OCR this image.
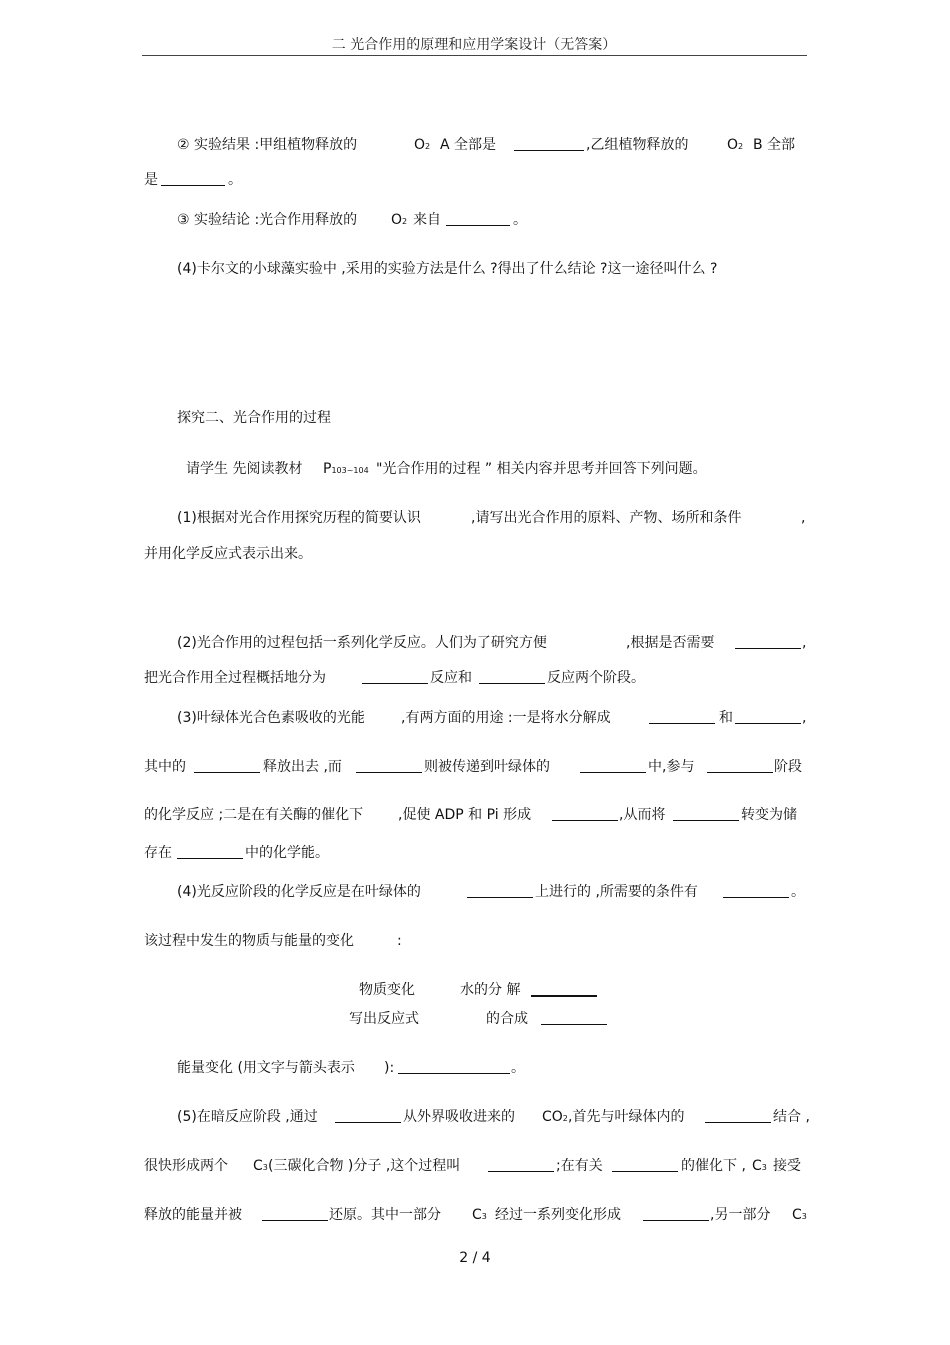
二 光合作用的原理和应用学案设计（无答案）
② 实验结果 :甲组植物释放的	O2 A 全部是	,乙组植物释放的	O2 B 全部
是	。
③ 实验结论 :光合作用释放的 O2 来自	。
(4)卡尔文的小球藻实验中 ,采用的实验方法是什么 ?得出了什么结论 ?这一途径叫什么 ?
探究二、光合作用的过程
请学生 先阅读教材 P103~104 "光合作用的过程 ” 相关内容并思考并回答下列问题。
(1)根据对光合作用探究历程的简要认识	,请写出光合作用的原料、产物、场所和条件	,
并用化学反应式表示出来。
(2)光合作用的过程包括一系列化学反应。人们为了研究方便	,根据是否需要	,
把光合作用全过程概括地分为	反应和	反应两个阶段。
(3)叶绿体光合色素吸收的光能	,有两方面的用途 :一是将水分解成	和	,
其中的	释放出去 ,而	则被传递到叶绿体的	中,参与	阶段
的化学反应 ;二是在有关酶的催化下 ,促使 ADP 和 Pi 形成	,从而将	转变为储
存在	中的化学能。
(4)光反应阶段的化学反应是在叶绿体的	上进行的 ,所需要的条件有	。
该过程中发生的物质与能量的变化	:
物质变化	水的分 解
写出反应式	的合成
能量变化 (用文字与箭头表示 ):	。
(5)在暗反应阶段 ,通过	从外界吸收进来的 CO2 ,首先与叶绿体内的	结合 ,
很快形成两个 C3 (三碳化合物 )分子 ,这个过程叫	;在有关	的催化下 , C3 接受
释放的能量并被	还原。其中一部分 C3 经过一系列变化形成	,另一部分 C3
2 / 4
